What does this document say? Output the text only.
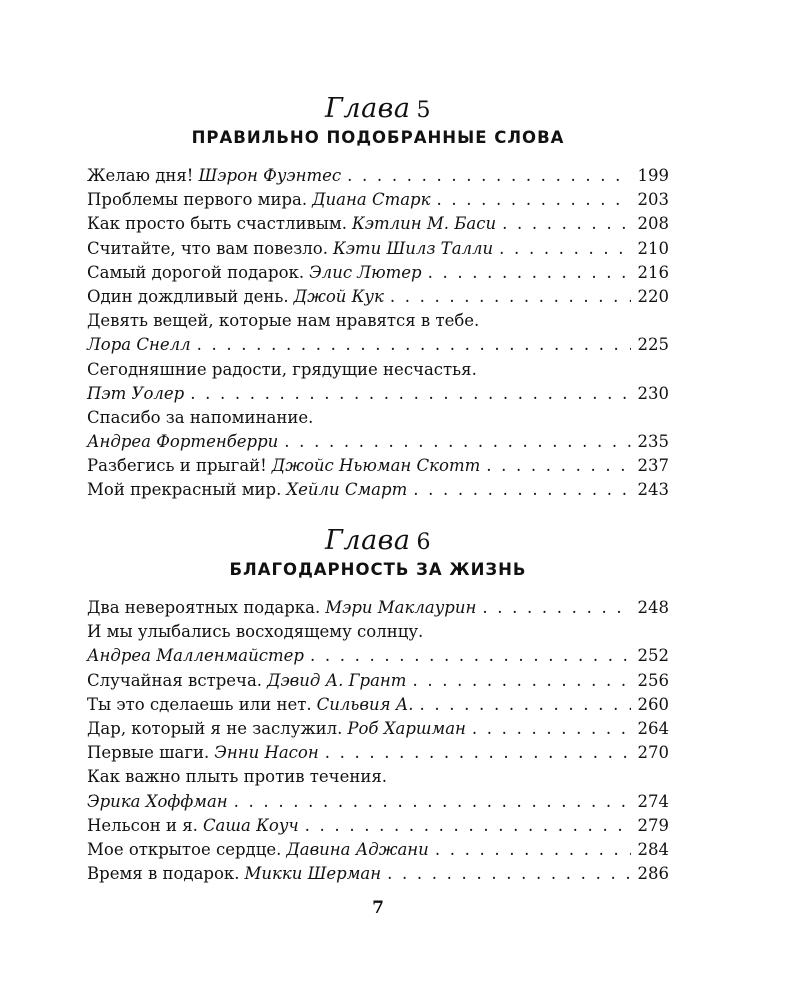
Глава 5
ПРАВИЛЬНО ПОДОБРАННЫЕ СЛОВА
Желаю дня! Шэрон Фуэнтес . . .	199
Проблемы первого мира. Диана Старк . . .	203
Как просто быть счастливым. Кэтлин М. Баси . . .	208
Считайте, что вам повезло. Кэти Шилз Талли . . .	210
Самый дорогой подарок. Элис Лютер . . .	216
Один дождливый день. Джой Кук . . .	220
Девять вещей, которые нам нравятся в тебе.
Лора Снелл . . .	225
Сегодняшние радости, грядущие несчастья.
Пэт Уолер . . .	230
Спасибо за напоминание.
Андреа Фортенберри . . .	235
Разбегись и прыгай! Джойс Ньюман Скотт . . .	237
Мой прекрасный мир. Хейли Смарт . . .	243
Глава 6
БЛАГОДАРНОСТЬ ЗА ЖИЗНЬ
Два невероятных подарка. Мэри Маклаурин . . .	248
И мы улыбались восходящему солнцу.
Андреа Малленмайстер . . .	252
Случайная встреча. Дэвид А. Грант . . .	256
Ты это сделаешь или нет. Сильвия А. . . .	260
Дар, который я не заслужил. Роб Харшман . . .	264
Первые шаги. Энни Насон . . .	270
Как важно плыть против течения.
Эрика Хоффман . . .	274
Нельсон и я. Саша Коуч . . .	279
Мое открытое сердце. Давина Аджани . . .	284
Время в подарок. Микки Шерман . . .	286
7
